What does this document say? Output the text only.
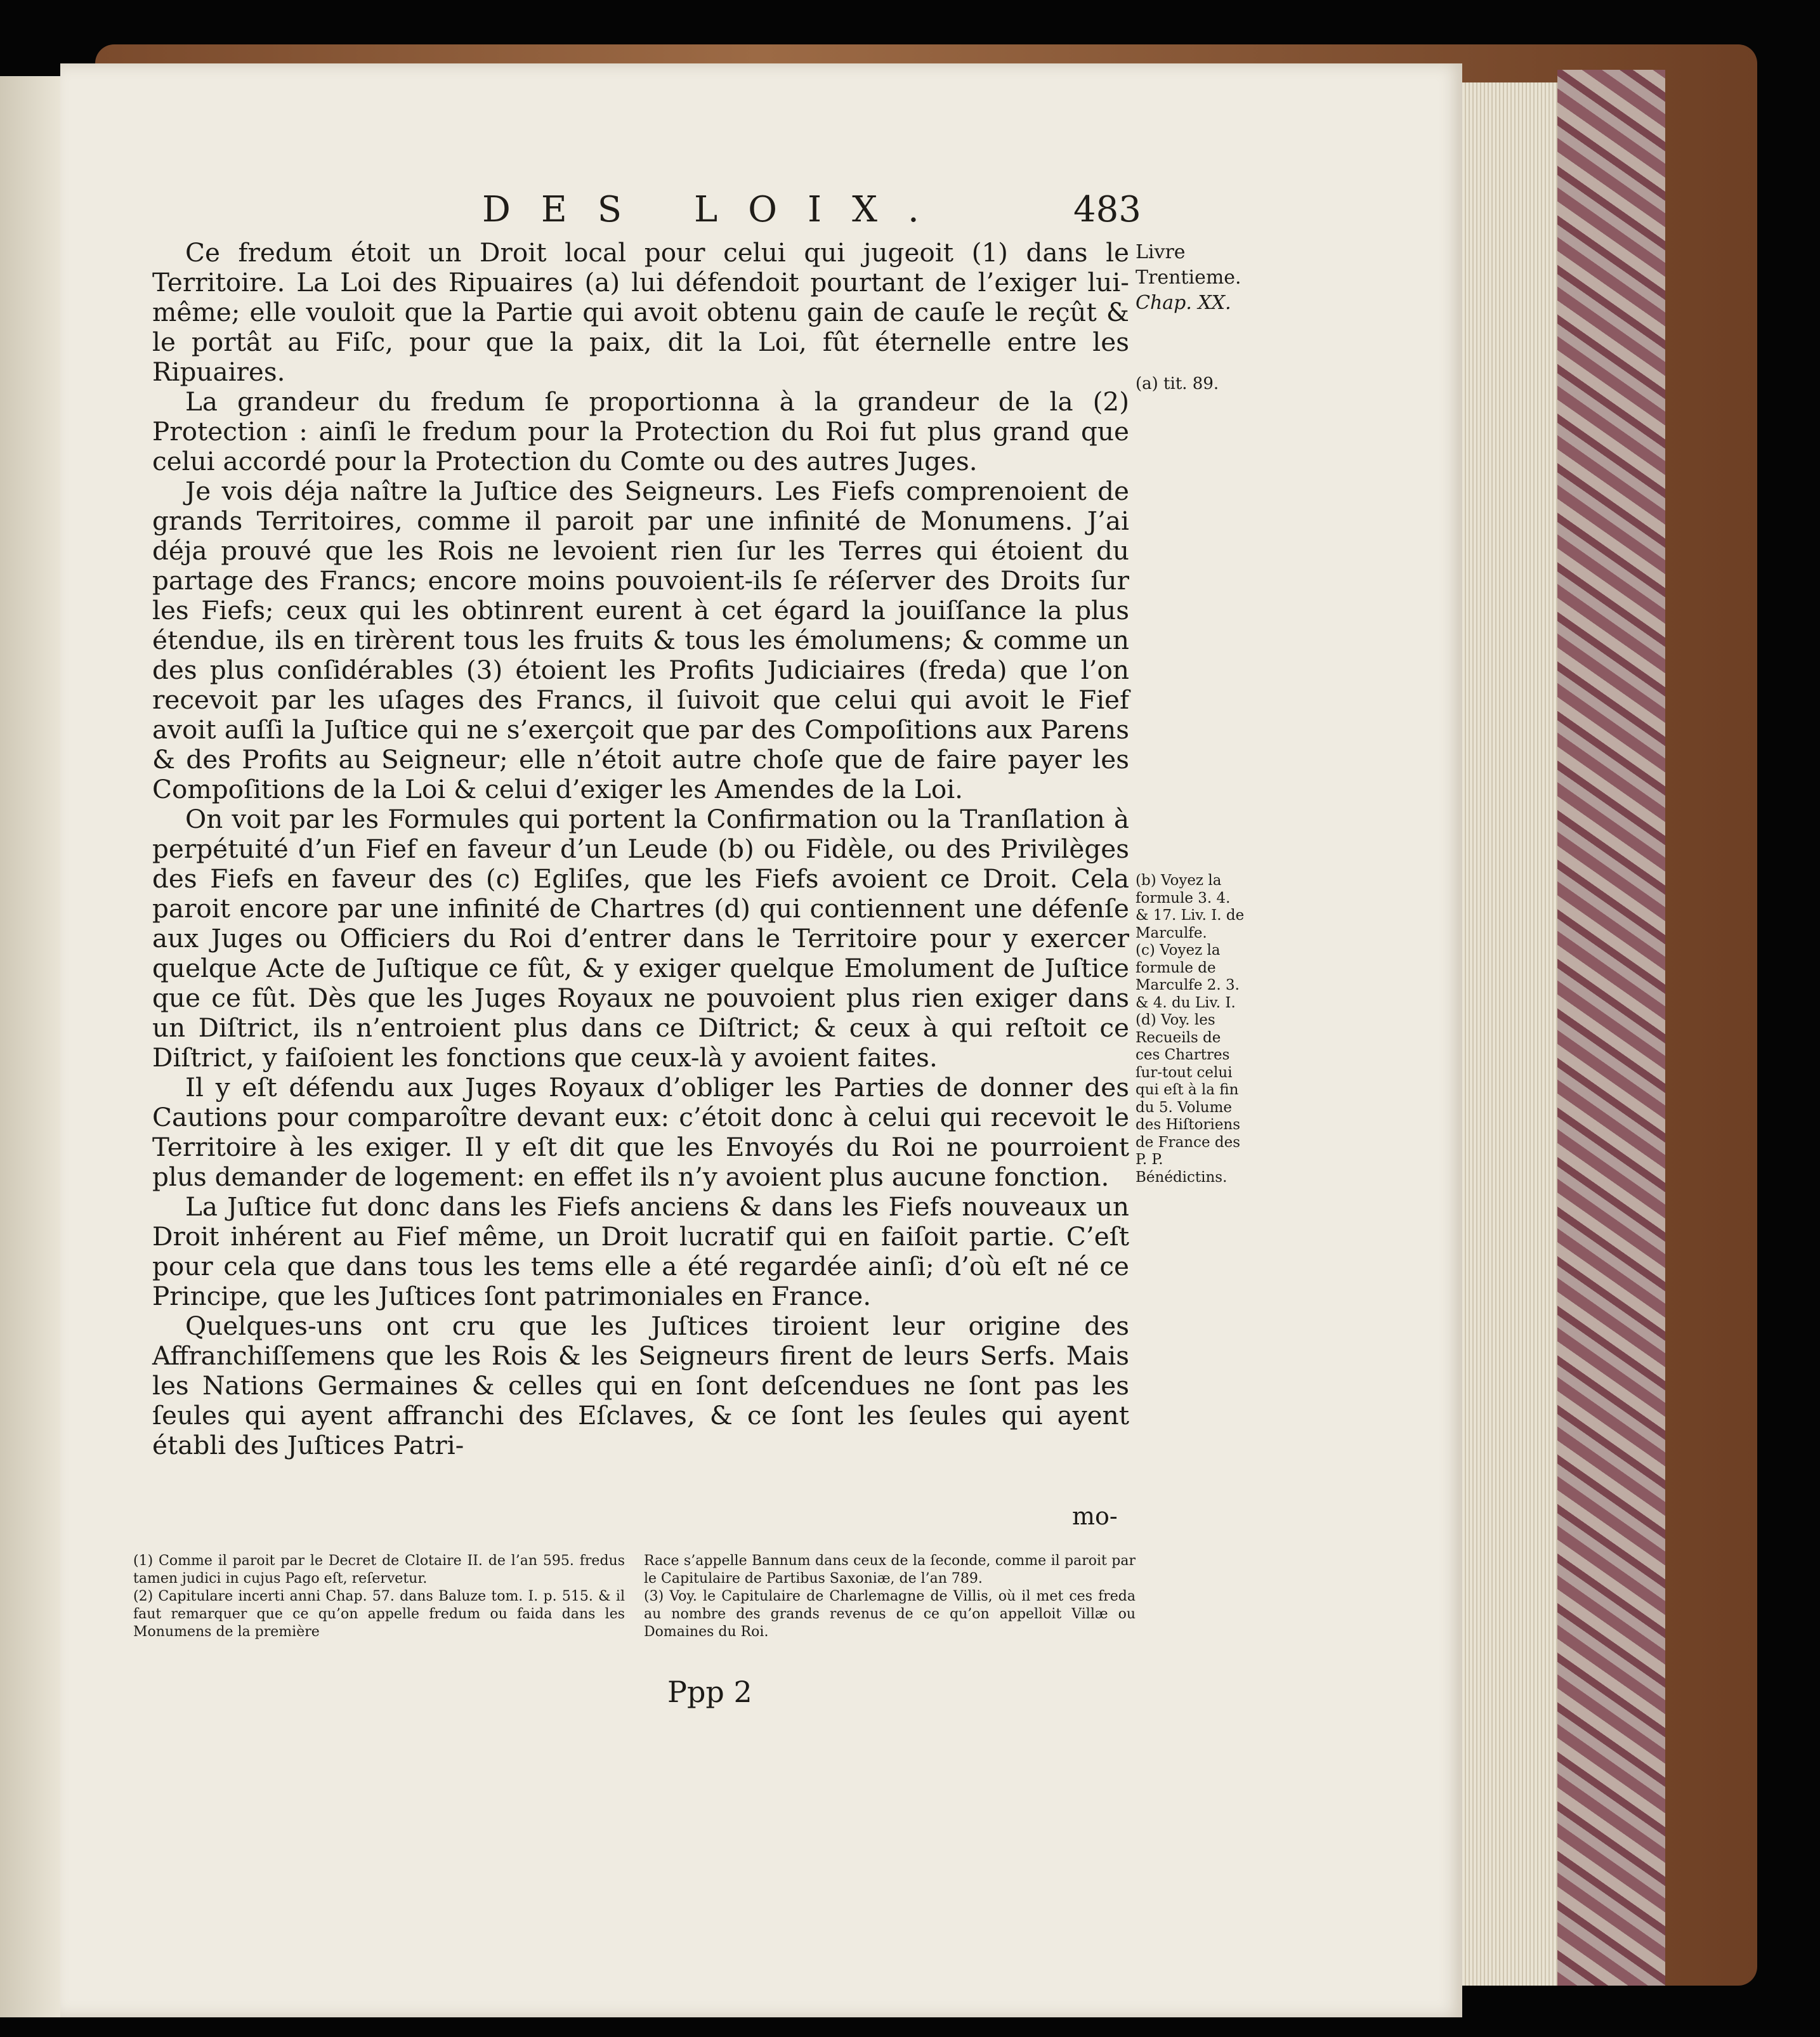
DES LOIX.	483

Ce fredum étoit un Droit local pour celui qui jugeoit (1) dans le Territoire. La Loi des Ripuaires (a) lui défendoit pourtant de l’exiger lui-même; elle vouloit que la Partie qui avoit obtenu gain de cauſe le reçût & le portât au Fiſc, pour que la paix, dit la Loi, fût éternelle entre les Ripuaires.

La grandeur du fredum ſe proportionna à la grandeur de la (2) Protection : ainſi le fredum pour la Protection du Roi fut plus grand que celui accordé pour la Protection du Comte ou des autres Juges.

Je vois déja naître la Juſtice des Seigneurs. Les Fiefs comprenoient de grands Territoires, comme il paroit par une infinité de Monumens. J’ai déja prouvé que les Rois ne levoient rien ſur les Terres qui étoient du partage des Francs; encore moins pouvoient-ils ſe réſerver des Droits ſur les Fiefs; ceux qui les obtinrent eurent à cet égard la jouiſſance la plus étendue, ils en tirèrent tous les fruits & tous les émolumens; & comme un des plus conſidérables (3) étoient les Profits Judiciaires (freda) que l’on recevoit par les uſages des Francs, il ſuivoit que celui qui avoit le Fief avoit auſſi la Juſtice qui ne s’exerçoit que par des Compoſitions aux Parens & des Profits au Seigneur; elle n’étoit autre choſe que de faire payer les Compoſitions de la Loi & celui d’exiger les Amendes de la Loi.

On voit par les Formules qui portent la Confirmation ou la Tranſlation à perpétuité d’un Fief en faveur d’un Leude (b) ou Fidèle, ou des Privilèges des Fiefs en faveur des (c) Egliſes, que les Fiefs avoient ce Droit. Cela paroit encore par une infinité de Chartres (d) qui contiennent une défenſe aux Juges ou Officiers du Roi d’entrer dans le Territoire pour y exercer quelque Acte de Juſtique ce fût, & y exiger quelque Emolument de Juſtice que ce fût. Dès que les Juges Royaux ne pouvoient plus rien exiger dans un Diſtrict, ils n’entroient plus dans ce Diſtrict; & ceux à qui reſtoit ce Diſtrict, y faiſoient les fonctions que ceux-là y avoient faites.

Il y eſt défendu aux Juges Royaux d’obliger les Parties de donner des Cautions pour comparoître devant eux: c’étoit donc à celui qui recevoit le Territoire à les exiger. Il y eſt dit que les Envoyés du Roi ne pourroient plus demander de logement: en effet ils n’y avoient plus aucune fonction.

La Juſtice fut donc dans les Fiefs anciens & dans les Fiefs nouveaux un Droit inhérent au Fief même, un Droit lucratif qui en faiſoit partie. C’eſt pour cela que dans tous les tems elle a été regardée ainſi; d’où eſt né ce Principe, que les Juſtices ſont patrimoniales en France.

Quelques-uns ont cru que les Juſtices tiroient leur origine des Affranchiſſemens que les Rois & les Seigneurs firent de leurs Serfs. Mais les Nations Germaines & celles qui en ſont deſcendues ne ſont pas les ſeules qui ayent affranchi des Eſclaves, & ce ſont les ſeules qui ayent établi des Juſtices Patri-

mo-
Livre Trentieme.
Chap. XX.
(a) tit. 89.
(b) Voyez la formule 3. 4. & 17. Liv. I. de Marculfe.
(c) Voyez la formule de Marculfe 2. 3. & 4. du Liv. I.
(d) Voy. les Recueils de ces Chartres ſur-tout celui qui eſt à la fin du 5. Volume des Hiſtoriens de France des P. P. Bénédictins.

(1) Comme il paroit par le Decret de Clotaire II. de l’an 595. fredus tamen judici in cujus Pago eſt, reſervetur.

(2) Capitulare incerti anni Chap. 57. dans Baluze tom. I. p. 515. & il faut remarquer que ce qu’on appelle fredum ou faida dans les Monumens de la première

Race s’appelle Bannum dans ceux de la ſeconde, comme il paroit par le Capitulaire de Partibus Saxoniæ, de l’an 789.

(3) Voy. le Capitulaire de Charlemagne de Villis, où il met ces freda au nombre des grands revenus de ce qu’on appelloit Villæ ou Domaines du Roi.

Ppp 2
